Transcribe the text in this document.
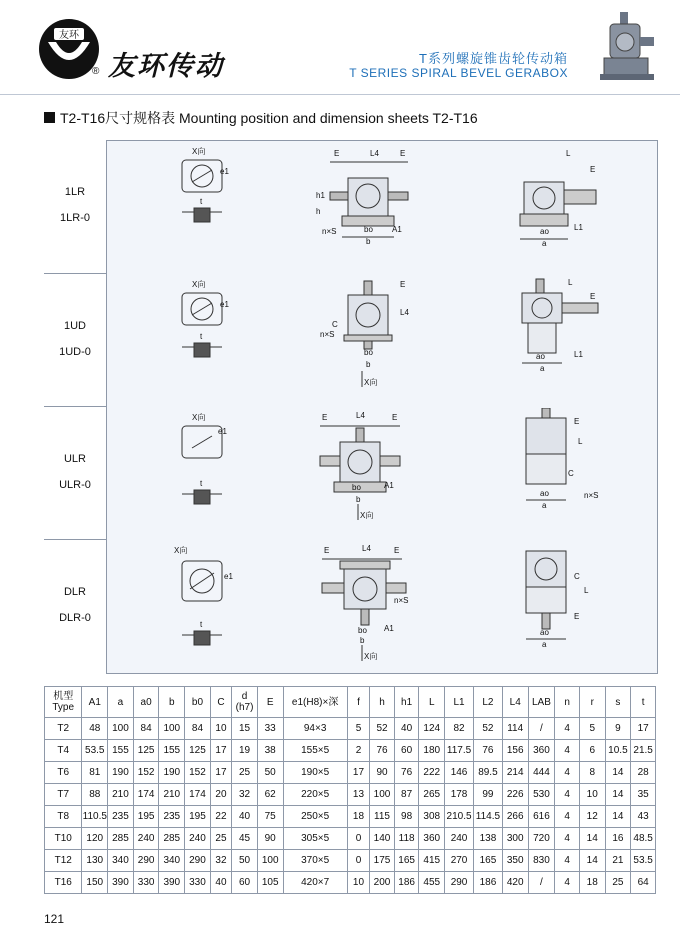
友环
® 友环传动	T系列螺旋锥齿轮传动箱
T SERIES SPIRAL BEVEL GERABOX
T2-T16尺寸规格表 Mounting position and dimension sheets T2-T16
1LR
1LR-0
1UD
1UD-0
ULR
ULR-0
DLR
DLR-0
X向
e1
t
E	L4	E
h1
h
n×S	bo A1
b
L
E
L1
ao
a
X向
e1
t
E
L4
C
n×S
bo
b
X向
L
E
L1
ao
a
X向
e1
t
E	L4	E
bo	A1
b
X向
E
L
C
ao
a
n×S
X向
e1
t
E	L4	E
n×S
bo A1
b
X向
C
L
E
ao
a
机型
Type	A1	a	a0	b	b0	C	d
(h7)	E	e1(H8)×深	f	h	h1	L	L1	L2	L4	LAB	n	r	s	t
T2	48	100	84	100	84	10	15	33	94×3	5	52	40	124	82	52	114	/	4	5	9	17
T4	53.5	155	125	155	125	17	19	38	155×5	2	76	60	180	117.5	76	156	360	4	6	10.5	21.5
T6	81	190	152	190	152	17	25	50	190×5	17	90	76	222	146	89.5	214	444	4	8	14	28
T7	88	210	174	210	174	20	32	62	220×5	13	100	87	265	178	99	226	530	4	10	14	35
T8	110.5	235	195	235	195	22	40	75	250×5	18	115	98	308	210.5	114.5	266	616	4	12	14	43
T10	120	285	240	285	240	25	45	90	305×5	0	140	118	360	240	138	300	720	4	14	16	48.5
T12	130	340	290	340	290	32	50	100	370×5	0	175	165	415	270	165	350	830	4	14	21	53.5
T16	150	390	330	390	330	40	60	105	420×7	10	200	186	455	290	186	420	/	4	18	25	64
121
